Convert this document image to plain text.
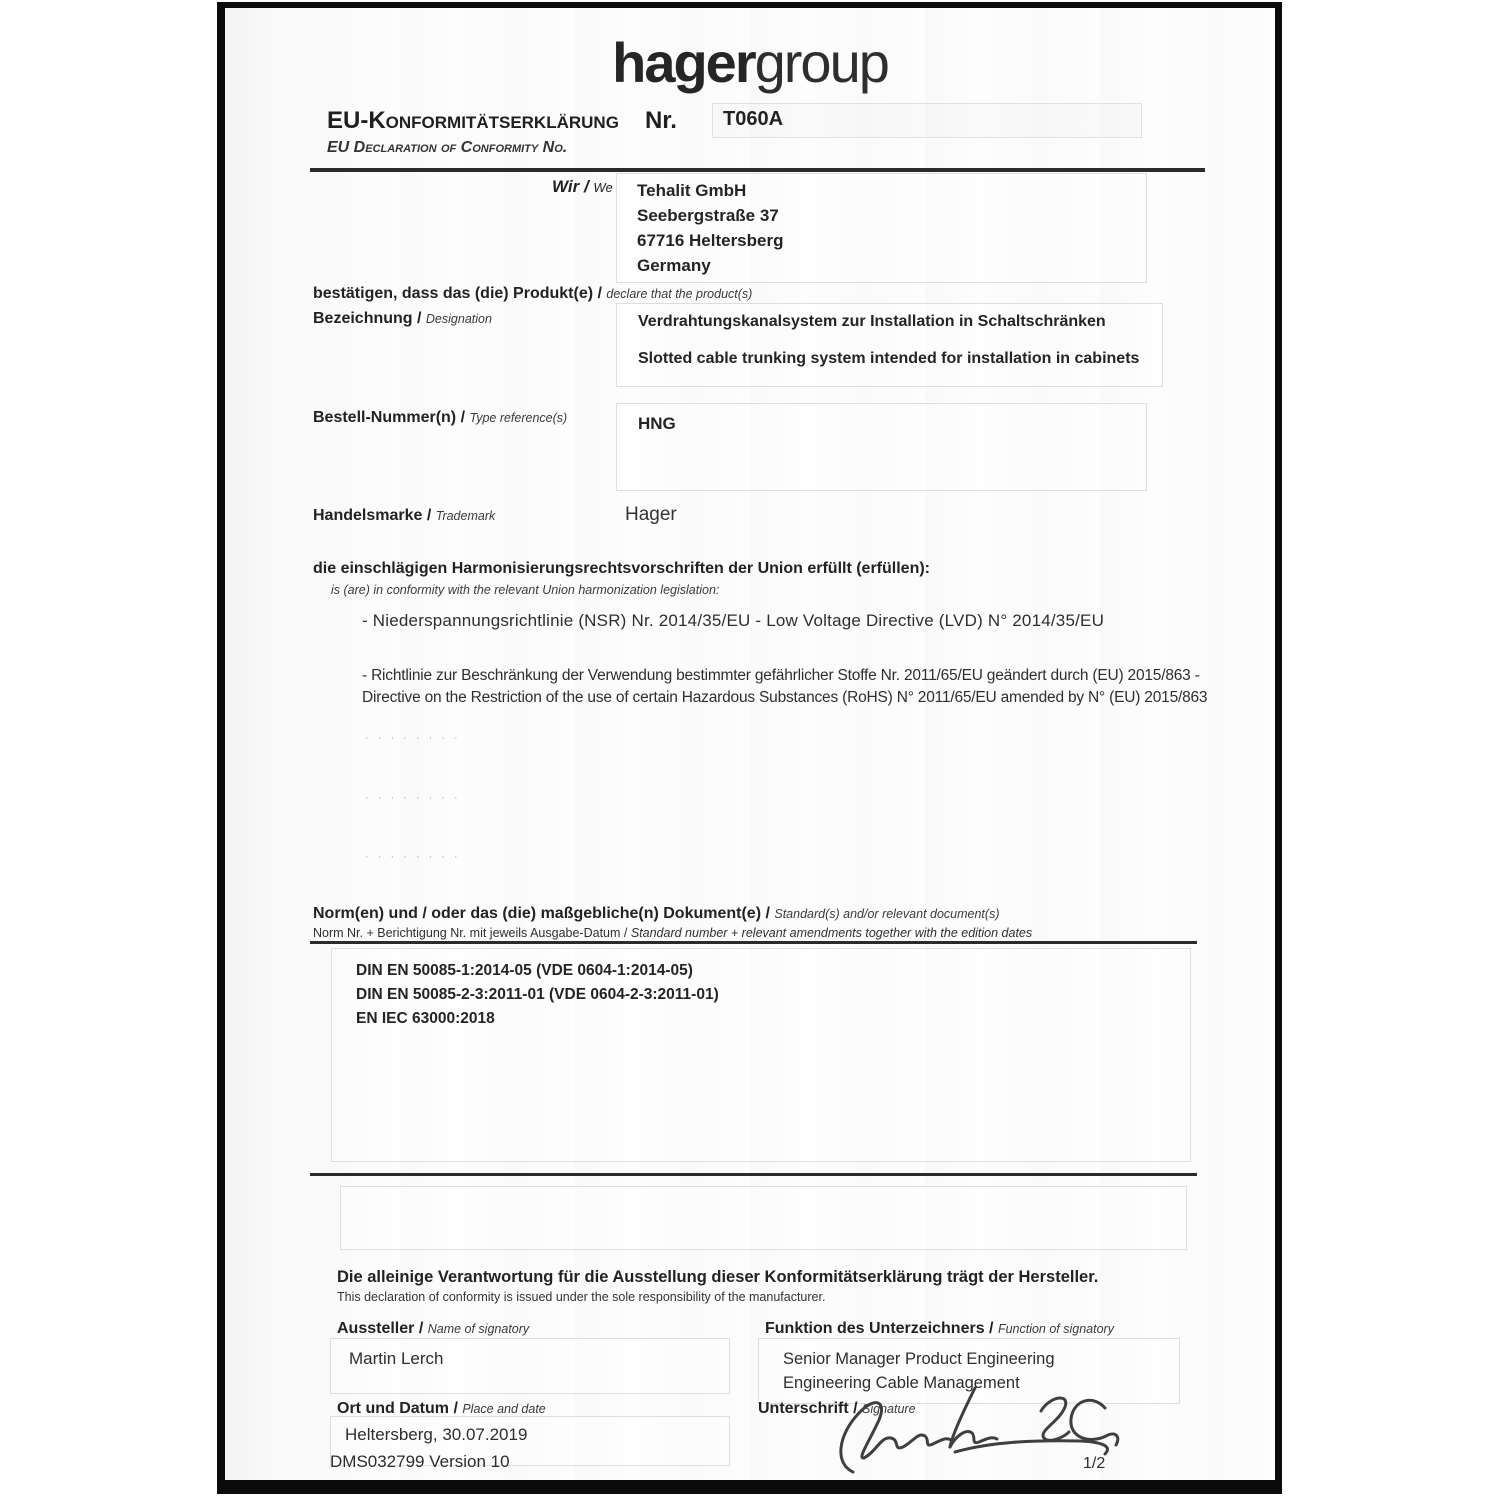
hagergroup
EU-Konformitätserklärung Nr. T060A
EU Declaration of Conformity No.
Wir / We Tehalit GmbH
Seebergstraße 37
67716 Heltersberg
Germany
bestätigen, dass das (die) Produkt(e) / declare that the product(s)
Bezeichnung / Designation	Verdrahtungskanalsystem zur Installation in Schaltschränken
Slotted cable trunking system intended for installation in cabinets
Bestell-Nummer(n) / Type reference(s)	HNG
Handelsmarke / Trademark	Hager
die einschlägigen Harmonisierungsrechtsvorschriften der Union erfüllt (erfüllen):
is (are) in conformity with the relevant Union harmonization legislation:
- Niederspannungsrichtlinie (NSR) Nr. 2014/35/EU - Low Voltage Directive (LVD) N° 2014/35/EU
- Richtlinie zur Beschränkung der Verwendung bestimmter gefährlicher Stoffe Nr. 2011/65/EU geändert durch (EU) 2015/863 - Directive on the Restriction of the use of certain Hazardous Substances (RoHS) N° 2011/65/EU amended by N° (EU) 2015/863
· · · · · · · ·
· · · · · · · ·
· · · · · · · ·
Norm(en) und / oder das (die) maßgebliche(n) Dokument(e) / Standard(s) and/or relevant document(s)
Norm Nr. + Berichtigung Nr. mit jeweils Ausgabe-Datum / Standard number + relevant amendments together with the edition dates
DIN EN 50085-1:2014-05 (VDE 0604-1:2014-05)
DIN EN 50085-2-3:2011-01 (VDE 0604-2-3:2011-01)
EN IEC 63000:2018
Die alleinige Verantwortung für die Ausstellung dieser Konformitätserklärung trägt der Hersteller.
This declaration of conformity is issued under the sole responsibility of the manufacturer.
Aussteller / Name of signatory	Funktion des Unterzeichners / Function of signatory
Martin Lerch	Senior Manager Product Engineering
Engineering Cable Management
Ort und Datum / Place and date	Unterschrift / Signature
Heltersberg, 30.07.2019
DMS032799 Version 10	1/2
